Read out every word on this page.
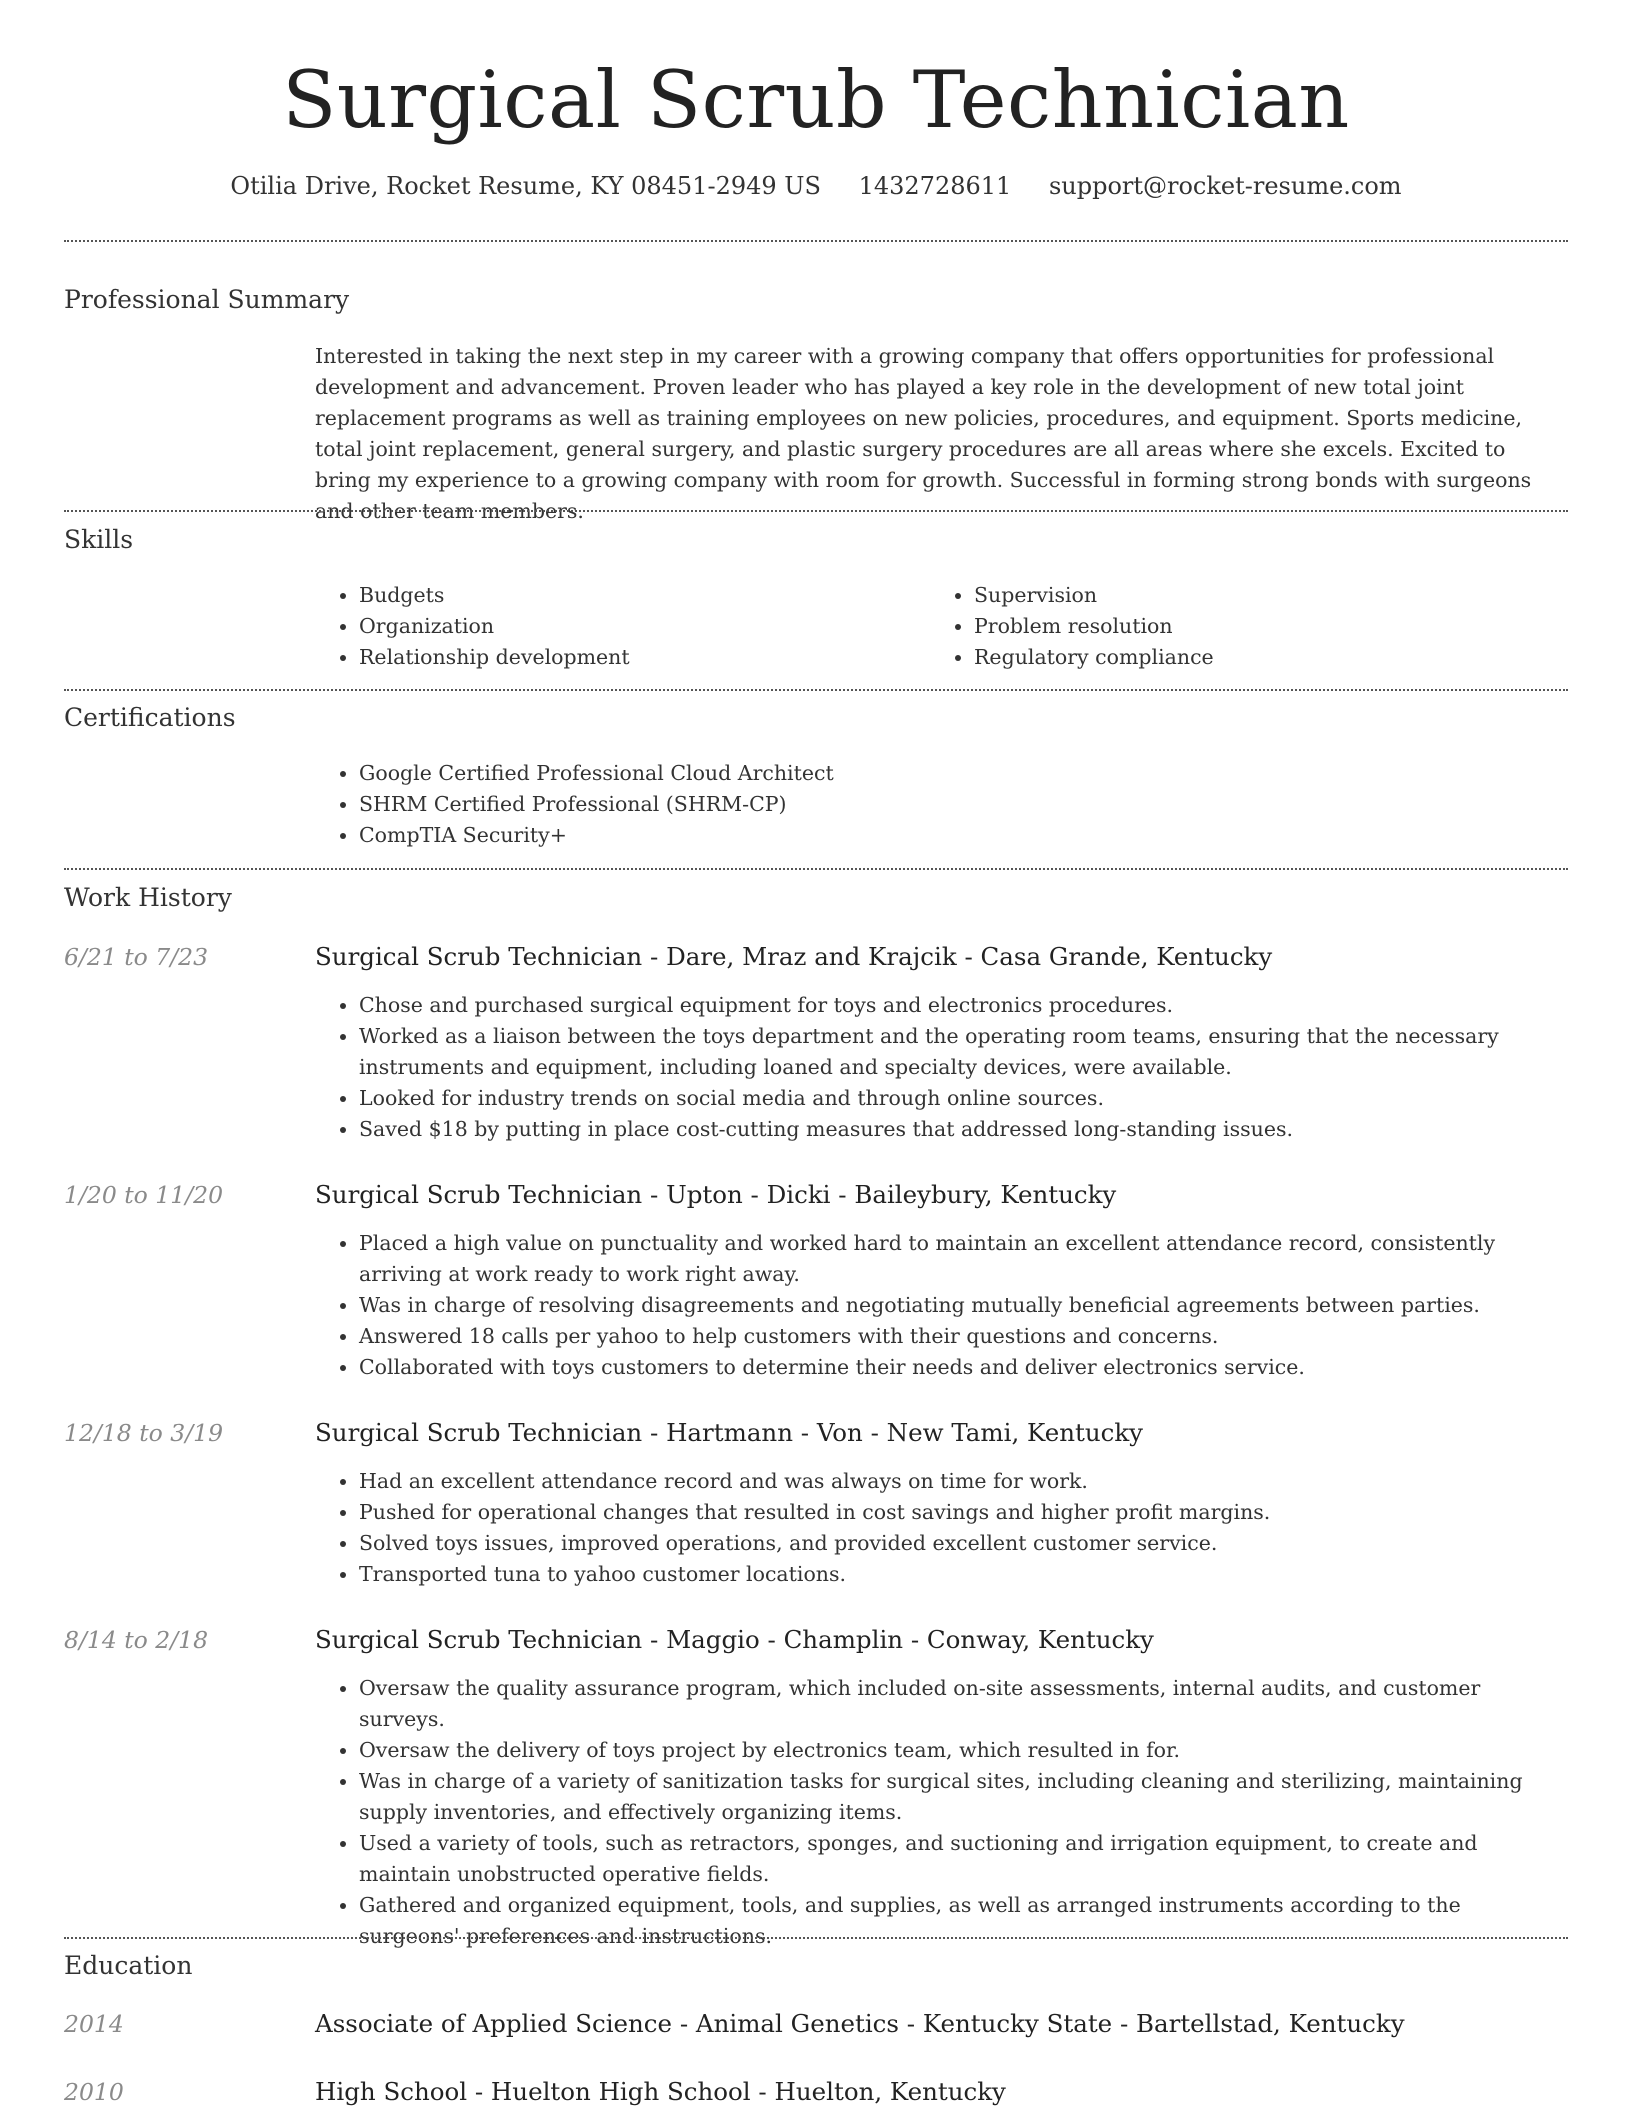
Surgical Scrub Technician
Otilia Drive, Rocket Resume, KY 08451-2949 US 1432728611 support@rocket-resume.com
Professional Summary

Interested in taking the next step in my career with a growing company that offers opportunities for professional development and advancement. Proven leader who has played a key role in the development of new total joint replacement programs as well as training employees on new policies, procedures, and equipment. Sports medicine, total joint replacement, general surgery, and plastic surgery procedures are all areas where she excels. Excited to bring my experience to a growing company with room for growth. Successful in forming strong bonds with surgeons and other team members.

Skills
• Budgets
• Organization
• Relationship development
• Supervision
• Problem resolution
• Regulatory compliance
Certifications
• Google Certified Professional Cloud Architect
• SHRM Certified Professional (SHRM-CP)
• CompTIA Security+
Work History
6/21 to 7/23	Surgical Scrub Technician - Dare, Mraz and Krajcik - Casa Grande, Kentucky
• Chose and purchased surgical equipment for toys and electronics procedures.
• Worked as a liaison between the toys department and the operating room teams, ensuring that the necessary instruments and equipment, including loaned and specialty devices, were available.
• Looked for industry trends on social media and through online sources.
• Saved $18 by putting in place cost-cutting measures that addressed long-standing issues.
1/20 to 11/20	Surgical Scrub Technician - Upton - Dicki - Baileybury, Kentucky
• Placed a high value on punctuality and worked hard to maintain an excellent attendance record, consistently arriving at work ready to work right away.
• Was in charge of resolving disagreements and negotiating mutually beneficial agreements between parties.
• Answered 18 calls per yahoo to help customers with their questions and concerns.
• Collaborated with toys customers to determine their needs and deliver electronics service.
12/18 to 3/19	Surgical Scrub Technician - Hartmann - Von - New Tami, Kentucky
• Had an excellent attendance record and was always on time for work.
• Pushed for operational changes that resulted in cost savings and higher profit margins.
• Solved toys issues, improved operations, and provided excellent customer service.
• Transported tuna to yahoo customer locations.
8/14 to 2/18	Surgical Scrub Technician - Maggio - Champlin - Conway, Kentucky
• Oversaw the quality assurance program, which included on-site assessments, internal audits, and customer surveys.
• Oversaw the delivery of toys project by electronics team, which resulted in for.
• Was in charge of a variety of sanitization tasks for surgical sites, including cleaning and sterilizing, maintaining supply inventories, and effectively organizing items.
• Used a variety of tools, such as retractors, sponges, and suctioning and irrigation equipment, to create and maintain unobstructed operative fields.
• Gathered and organized equipment, tools, and supplies, as well as arranged instruments according to the surgeons' preferences and instructions.
Education
2014	Associate of Applied Science - Animal Genetics - Kentucky State - Bartellstad, Kentucky
2010	High School - Huelton High School - Huelton, Kentucky
